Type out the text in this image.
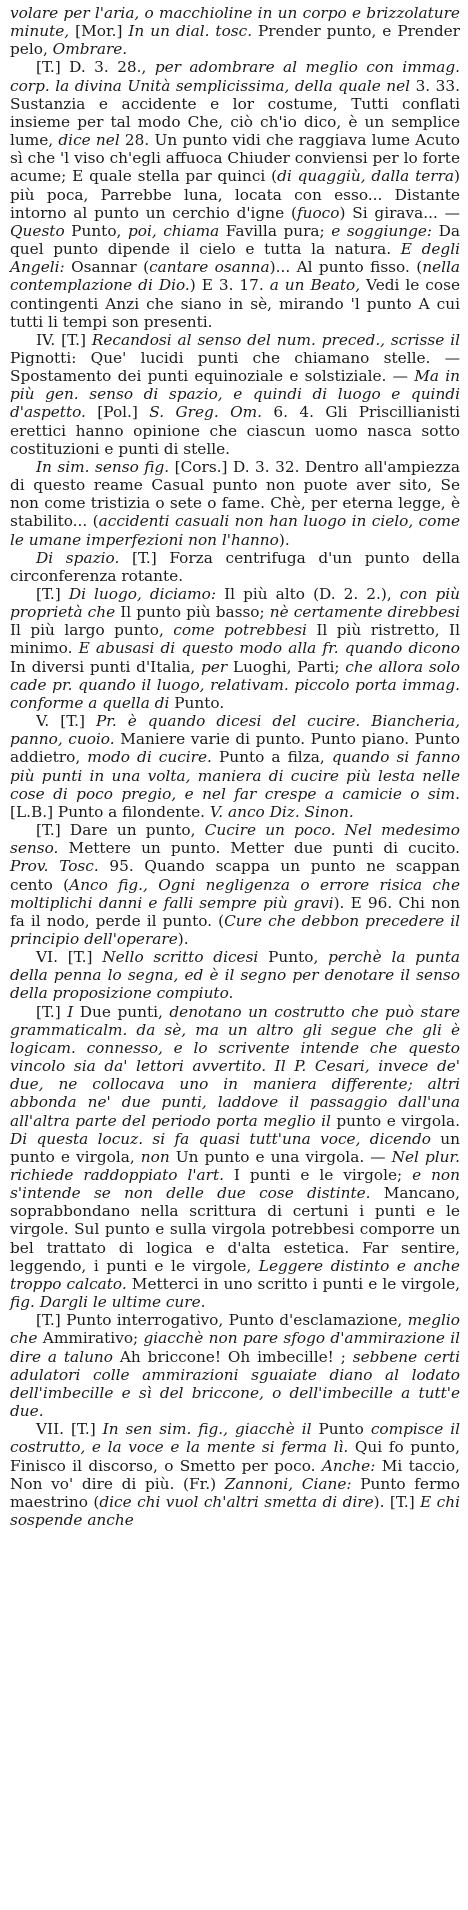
volare per l'aria, o macchioline in un corpo e brizzolature minute, [Mor.] In un dial. tosc. Prender punto, e Prender pelo, Ombrare.

[T.] D. 3. 28., per adombrare al meglio con immag. corp. la divina Unità semplicissima, della quale nel 3. 33. Sustanzia e accidente e lor costume, Tutti conflati insieme per tal modo Che, ciò ch'io dico, è un semplice lume, dice nel 28. Un punto vidi che raggiava lume Acuto sì che 'l viso ch'egli affuoca Chiuder conviensi per lo forte acume; E quale stella par quinci (di quaggiù, dalla terra) più poca, Parrebbe luna, locata con esso... Distante intorno al punto un cerchio d'igne (fuoco) Si girava... — Questo Punto, poi, chiama Favilla pura; e soggiunge: Da quel punto dipende il cielo e tutta la natura. E degli Angeli: Osannar (cantare osanna)... Al punto fisso. (nella contemplazione di Dio.) E 3. 17. a un Beato, Vedi le cose contingenti Anzi che siano in sè, mirando 'l punto A cui tutti li tempi son presenti.

IV. [T.] Recandosi al senso del num. preced., scrisse il Pignotti: Que' lucidi punti che chiamano stelle. — Spostamento dei punti equinoziale e solstiziale. — Ma in più gen. senso di spazio, e quindi di luogo e quindi d'aspetto. [Pol.] S. Greg. Om. 6. 4. Gli Priscillianisti erettici hanno opinione che ciascun uomo nasca sotto costituzioni e punti di stelle.

In sim. senso fig. [Cors.] D. 3. 32. Dentro all'ampiezza di questo reame Casual punto non puote aver sito, Se non come tristizia o sete o fame. Chè, per eterna legge, è stabilito... (accidenti casuali non han luogo in cielo, come le umane imperfezioni non l'hanno).

Di spazio. [T.] Forza centrifuga d'un punto della circonferenza rotante.

[T.] Di luogo, diciamo: Il più alto (D. 2. 2.), con più proprietà che Il punto più basso; nè certamente direbbesi Il più largo punto, come potrebbesi Il più ristretto, Il minimo. E abusasi di questo modo alla fr. quando dicono In diversi punti d'Italia, per Luoghi, Parti; che allora solo cade pr. quando il luogo, relativam. piccolo porta immag. conforme a quella di Punto.

V. [T.] Pr. è quando dicesi del cucire. Biancheria, panno, cuoio. Maniere varie di punto. Punto piano. Punto addietro, modo di cucire. Punto a filza, quando si fanno più punti in una volta, maniera di cucire più lesta nelle cose di poco pregio, e nel far crespe a camicie o sim. [L.B.] Punto a filondente. V. anco Diz. Sinon.

[T.] Dare un punto, Cucire un poco. Nel medesimo senso. Mettere un punto. Metter due punti di cucito. Prov. Tosc. 95. Quando scappa un punto ne scappan cento (Anco fig., Ogni negligenza o errore risica che moltiplichi danni e falli sempre più gravi). E 96. Chi non fa il nodo, perde il punto. (Cure che debbon precedere il principio dell'operare).

VI. [T.] Nello scritto dicesi Punto, perchè la punta della penna lo segna, ed è il segno per denotare il senso della proposizione compiuto.

[T.] I Due punti, denotano un costrutto che può stare grammaticalm. da sè, ma un altro gli segue che gli è logicam. connesso, e lo scrivente intende che questo vincolo sia da' lettori avvertito. Il P. Cesari, invece de' due, ne collocava uno in maniera differente; altri abbonda ne' due punti, laddove il passaggio dall'una all'altra parte del periodo porta meglio il punto e virgola. Di questa locuz. si fa quasi tutt'una voce, dicendo un punto e virgola, non Un punto e una virgola. — Nel plur. richiede raddoppiato l'art. I punti e le virgole; e non s'intende se non delle due cose distinte. Mancano, soprabbondano nella scrittura di certuni i punti e le virgole. Sul punto e sulla virgola potrebbesi comporre un bel trattato di logica e d'alta estetica. Far sentire, leggendo, i punti e le virgole, Leggere distinto e anche troppo calcato. Metterci in uno scritto i punti e le virgole, fig. Dargli le ultime cure.

[T.] Punto interrogativo, Punto d'esclamazione, meglio che Ammirativo; giacchè non pare sfogo d'ammirazione il dire a taluno Ah briccone! Oh imbecille! ; sebbene certi adulatori colle ammirazioni sguaiate diano al lodato dell'imbecille e sì del briccone, o dell'imbecille a tutt'e due.

VII. [T.] In sen sim. fig., giacchè il Punto compisce il costrutto, e la voce e la mente si ferma lì. Qui fo punto, Finisco il discorso, o Smetto per poco. Anche: Mi taccio, Non vo' dire di più. (Fr.) Zannoni, Ciane: Punto fermo maestrino (dice chi vuol ch'altri smetta di dire). [T.] E chi sospende anche
